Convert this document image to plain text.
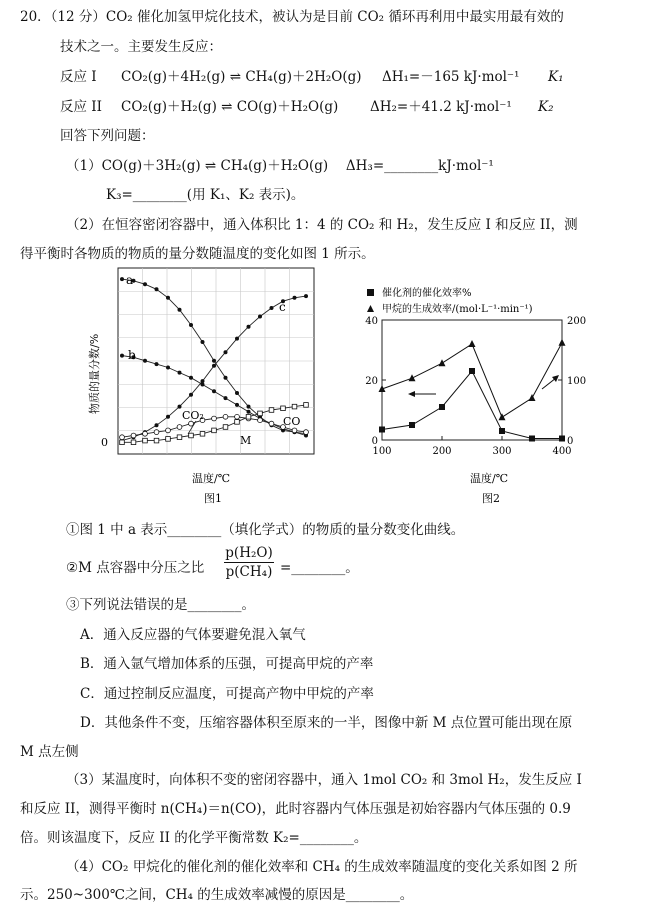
20．（12 分）CO₂ 催化加氢甲烷化技术，被认为是目前 CO₂ 循环再利用中最实用最有效的
技术之一。主要发生反应：
反应 I CO₂(g)＋4H₂(g) ⇌ CH₄(g)＋2H₂O(g) ΔH₁=－165 kJ·mol⁻¹ K₁
反应 II CO₂(g)＋H₂(g) ⇌ CO(g)＋H₂O(g) ΔH₂=＋41.2 kJ·mol⁻¹ K₂
回答下列问题：
（1）CO(g)＋3H₂(g) ⇌ CH₄(g)＋H₂O(g)　 ΔH₃=________kJ·mol⁻¹
K₃=________(用 K₁、K₂ 表示)。
（2）在恒容密闭容器中，通入体积比 1：4 的 CO₂ 和 H₂，发生反应 I 和反应 II，测
得平衡时各物质的物质的量分数随温度的变化如图 1 所示。
0
物质的量分数/%
a
b
c
CO₂	CO
M
温度/℃
图1
催化剂的催化效率%
甲烷的生成效率/(mol·L⁻¹·min⁻¹)
100	200	300	400
0
20
40
0
100
200
温度/℃
图2
①图 1 中 a 表示________（填化学式）的物质的量分数变化曲线。
②M 点容器中分压之比 $\frac{\text{p(H₂O)}}{\text{p(CH₄)}}$ =________。
③下列说法错误的是________。
A．通入反应器的气体要避免混入氧气
B．通入氩气增加体系的压强，可提高甲烷的产率
C．通过控制反应温度，可提高产物中甲烷的产率
D．其他条件不变，压缩容器体积至原来的一半，图像中新 M 点位置可能出现在原
M 点左侧
（3）某温度时，向体积不变的密闭容器中，通入 1mol CO₂ 和 3mol H₂，发生反应 I
和反应 II，测得平衡时 n(CH₄)＝n(CO)，此时容器内气体压强是初始容器内气体压强的 0.9
倍。则该温度下，反应 II 的化学平衡常数 K₂=________。
（4）CO₂ 甲烷化的催化剂的催化效率和 CH₄ 的生成效率随温度的变化关系如图 2 所
示。250~300℃之间，CH₄ 的生成效率减慢的原因是________。
